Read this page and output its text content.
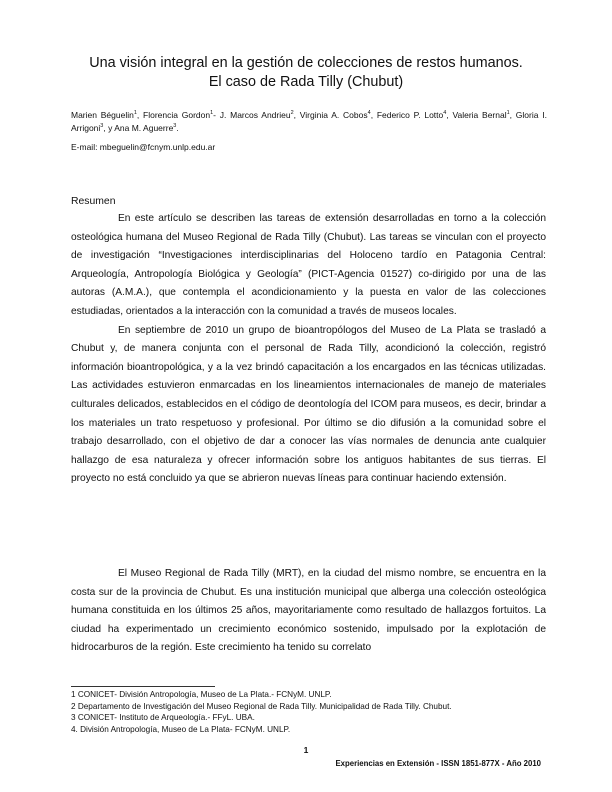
Una visión integral en la gestión de colecciones de restos humanos.
El caso de Rada Tilly (Chubut)
Marien Béguelin$^1$, Florencia Gordon$^1$- J. Marcos Andrieu$^2$, Virginia A. Cobos$^4$, Federico P. Lotto$^4$, Valeria Bernal$^1$, Gloria I. Arrigoni$^3$, y Ana M. Aguerre$^3$.
E-mail: mbeguelin@fcnym.unlp.edu.ar
Resumen

En este artículo se describen las tareas de extensión desarrolladas en torno a la colección osteológica humana del Museo Regional de Rada Tilly (Chubut). Las tareas se vinculan con el proyecto de investigación “Investigaciones interdisciplinarias del Holoceno tardío en Patagonia Central: Arqueología, Antropología Biológica y Geología” (PICT-Agencia 01527) co-dirigido por una de las autoras (A.M.A.), que contempla el acondicionamiento y la puesta en valor de las colecciones estudiadas, orientados a la interacción con la comunidad a través de museos locales.

En septiembre de 2010 un grupo de bioantropólogos del Museo de La Plata se trasladó a Chubut y, de manera conjunta con el personal de Rada Tilly, acondicionó la colección, registró información bioantropológica, y a la vez brindó capacitación a los encargados en las técnicas utilizadas. Las actividades estuvieron enmarcadas en los lineamientos internacionales de manejo de materiales culturales delicados, establecidos en el código de deontología del ICOM para museos, es decir, brindar a los materiales un trato respetuoso y profesional. Por último se dio difusión a la comunidad sobre el trabajo desarrollado, con el objetivo de dar a conocer las vías normales de denuncia ante cualquier hallazgo de esa naturaleza y ofrecer información sobre los antiguos habitantes de sus tierras. El proyecto no está concluido ya que se abrieron nuevas líneas para continuar haciendo extensión.

El Museo Regional de Rada Tilly (MRT), en la ciudad del mismo nombre, se encuentra en la costa sur de la provincia de Chubut. Es una institución municipal que alberga una colección osteológica humana constituida en los últimos 25 años, mayoritariamente como resultado de hallazgos fortuitos. La ciudad ha experimentado un crecimiento económico sostenido, impulsado por la explotación de hidrocarburos de la región. Este crecimiento ha tenido su correlato

1 CONICET- División Antropología, Museo de La Plata.- FCNyM. UNLP.
2 Departamento de Investigación del Museo Regional de Rada Tilly. Municipalidad de Rada Tilly. Chubut.
3 CONICET- Instituto de Arqueología.- FFyL. UBA.
4. División Antropología, Museo de La Plata- FCNyM. UNLP.
1
Experiencias en Extensión - ISSN 1851-877X - Año 2010
